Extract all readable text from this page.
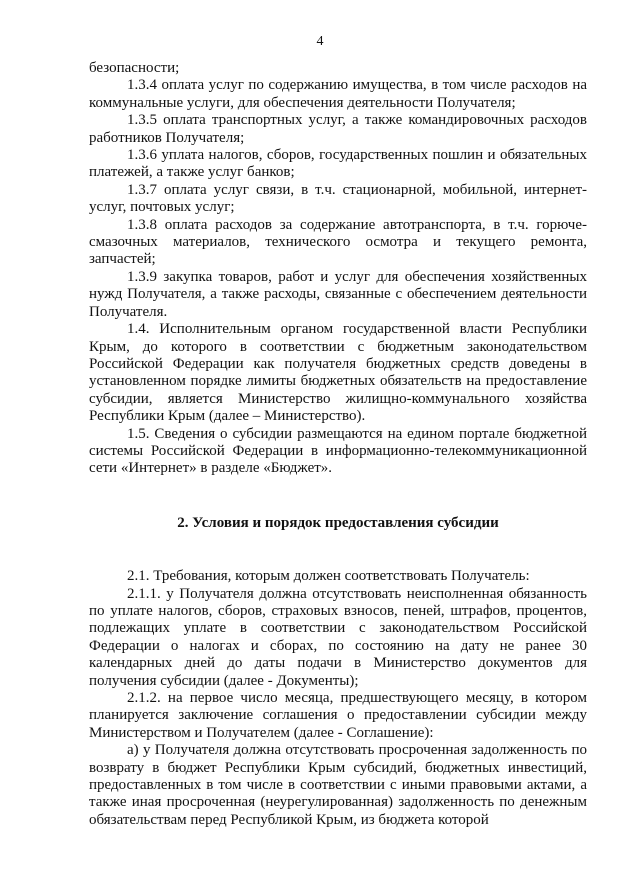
4

безопасности;

1.3.4 оплата услуг по содержанию имущества, в том числе расходов на коммунальные услуги, для обеспечения деятельности Получателя;

1.3.5 оплата транспортных услуг, а также командировочных расходов работников Получателя;

1.3.6 уплата налогов, сборов, государственных пошлин и обязательных платежей, а также услуг банков;

1.3.7 оплата услуг связи, в т.ч. стационарной, мобильной, интернет-услуг, почтовых услуг;

1.3.8 оплата расходов за содержание автотранспорта, в т.ч. горюче-смазочных материалов, технического осмотра и текущего ремонта, запчастей;

1.3.9 закупка товаров, работ и услуг для обеспечения хозяйственных нужд Получателя, а также расходы, связанные с обеспечением деятельности Получателя.

1.4. Исполнительным органом государственной власти Республики Крым, до которого в соответствии с бюджетным законодательством Российской Федерации как получателя бюджетных средств доведены в установленном порядке лимиты бюджетных обязательств на предоставление субсидии, является Министерство жилищно-коммунального хозяйства Республики Крым (далее – Министерство).

1.5. Сведения о субсидии размещаются на едином портале бюджетной системы Российской Федерации в информационно-телекоммуникационной сети «Интернет» в разделе «Бюджет».

2. Условия и порядок предоставления субсидии

2.1. Требования, которым должен соответствовать Получатель:

2.1.1. у Получателя должна отсутствовать неисполненная обязанность по уплате налогов, сборов, страховых взносов, пеней, штрафов, процентов, подлежащих уплате в соответствии с законодательством Российской Федерации о налогах и сборах, по состоянию на дату не ранее 30 календарных дней до даты подачи в Министерство документов для получения субсидии (далее - Документы);

2.1.2. на первое число месяца, предшествующего месяцу, в котором планируется заключение соглашения о предоставлении субсидии между Министерством и Получателем (далее - Соглашение):

а) у Получателя должна отсутствовать просроченная задолженность по возврату в бюджет Республики Крым субсидий, бюджетных инвестиций, предоставленных в том числе в соответствии с иными правовыми актами, а также иная просроченная (неурегулированная) задолженность по денежным обязательствам перед Республикой Крым, из бюджета которой
